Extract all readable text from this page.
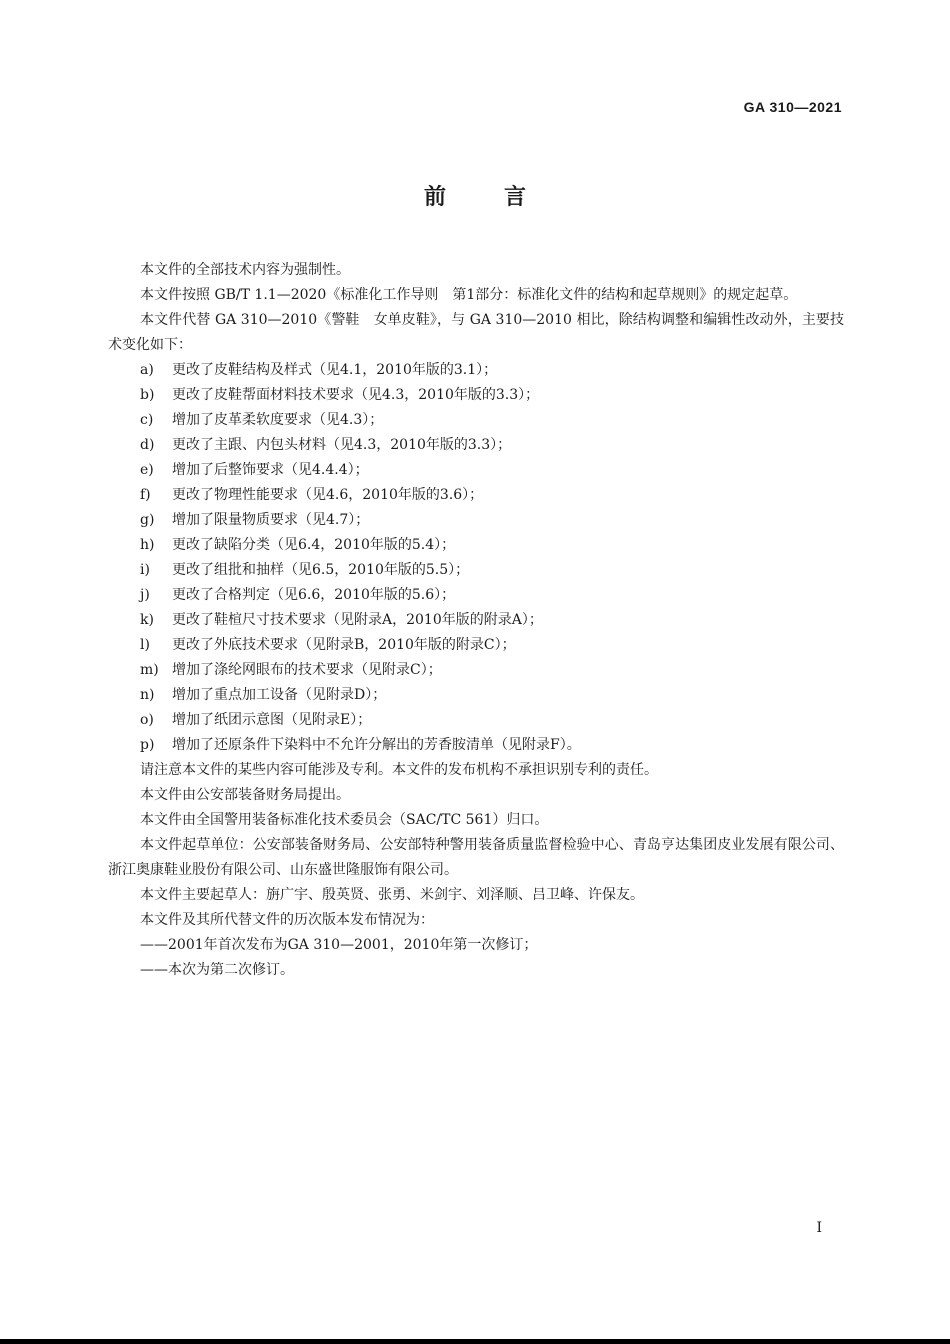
GA 310—2021
前言

本文件的全部技术内容为强制性。

本文件按照 GB/T 1.1—2020《标准化工作导则　第1部分：标准化文件的结构和起草规则》的规定起草。

本文件代替 GA 310—2010《警鞋　女单皮鞋》，与 GA 310—2010 相比，除结构调整和编辑性改动外，主要技术变化如下：

a) 更改了皮鞋结构及样式（见4.1，2010年版的3.1）；

b) 更改了皮鞋帮面材料技术要求（见4.3，2010年版的3.3）；

c) 增加了皮革柔软度要求（见4.3）；

d) 更改了主跟、内包头材料（见4.3，2010年版的3.3）；

e) 增加了后整饰要求（见4.4.4）；

f) 更改了物理性能要求（见4.6，2010年版的3.6）；

g) 增加了限量物质要求（见4.7）；

h) 更改了缺陷分类（见6.4，2010年版的5.4）；

i) 更改了组批和抽样（见6.5，2010年版的5.5）；

j) 更改了合格判定（见6.6，2010年版的5.6）；

k) 更改了鞋楦尺寸技术要求（见附录A，2010年版的附录A）；

l) 更改了外底技术要求（见附录B，2010年版的附录C）；

m) 增加了涤纶网眼布的技术要求（见附录C）；

n) 增加了重点加工设备（见附录D）；

o) 增加了纸团示意图（见附录E）；

p) 增加了还原条件下染料中不允许分解出的芳香胺清单（见附录F）。

请注意本文件的某些内容可能涉及专利。本文件的发布机构不承担识别专利的责任。

本文件由公安部装备财务局提出。

本文件由全国警用装备标准化技术委员会（SAC/TC 561）归口。

本文件起草单位：公安部装备财务局、公安部特种警用装备质量监督检验中心、青岛亨达集团皮业发展有限公司、浙江奥康鞋业股份有限公司、山东盛世隆服饰有限公司。

本文件主要起草人：旃广宇、殷英贤、张勇、米剑宇、刘泽顺、吕卫峰、许保友。

本文件及其所代替文件的历次版本发布情况为：

——2001年首次发布为GA 310—2001，2010年第一次修订；

——本次为第二次修订。

I
